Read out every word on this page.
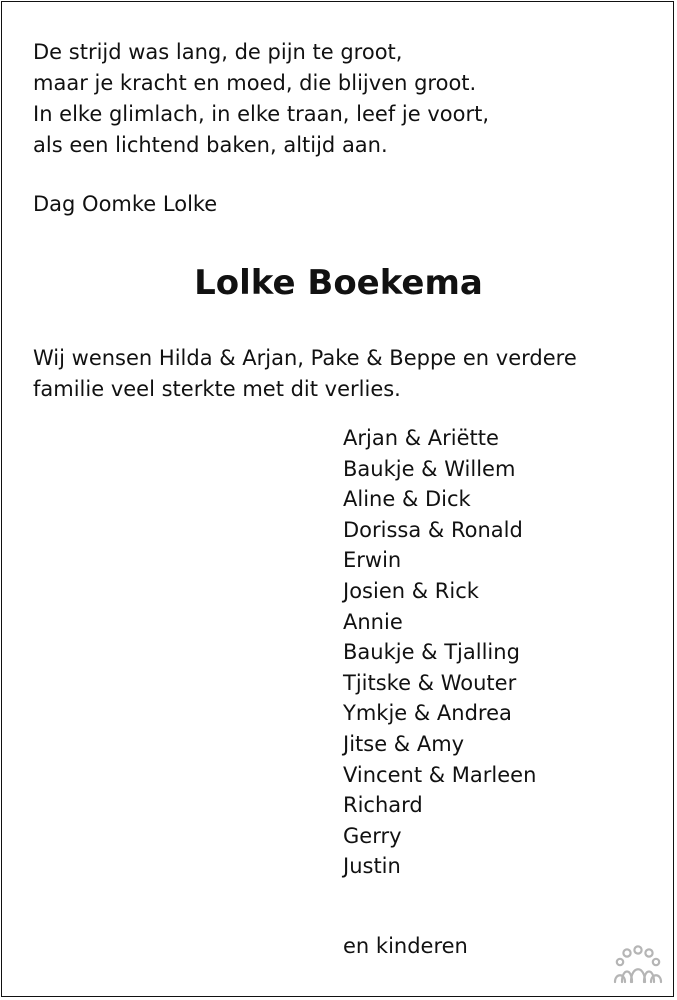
De strijd was lang, de pijn te groot,
maar je kracht en moed, die blijven groot.
In elke glimlach, in elke traan, leef je voort,
als een lichtend baken, altijd aan.
Dag Oomke Lolke
Lolke Boekema
Wij wensen Hilda & Arjan, Pake & Beppe en verdere
familie veel sterkte met dit verlies.
Arjan & Ariëtte
Baukje & Willem
Aline & Dick
Dorissa & Ronald
Erwin
Josien & Rick
Annie
Baukje & Tjalling
Tjitske & Wouter
Ymkje & Andrea
Jitse & Amy
Vincent & Marleen
Richard
Gerry
Justin
en kinderen
